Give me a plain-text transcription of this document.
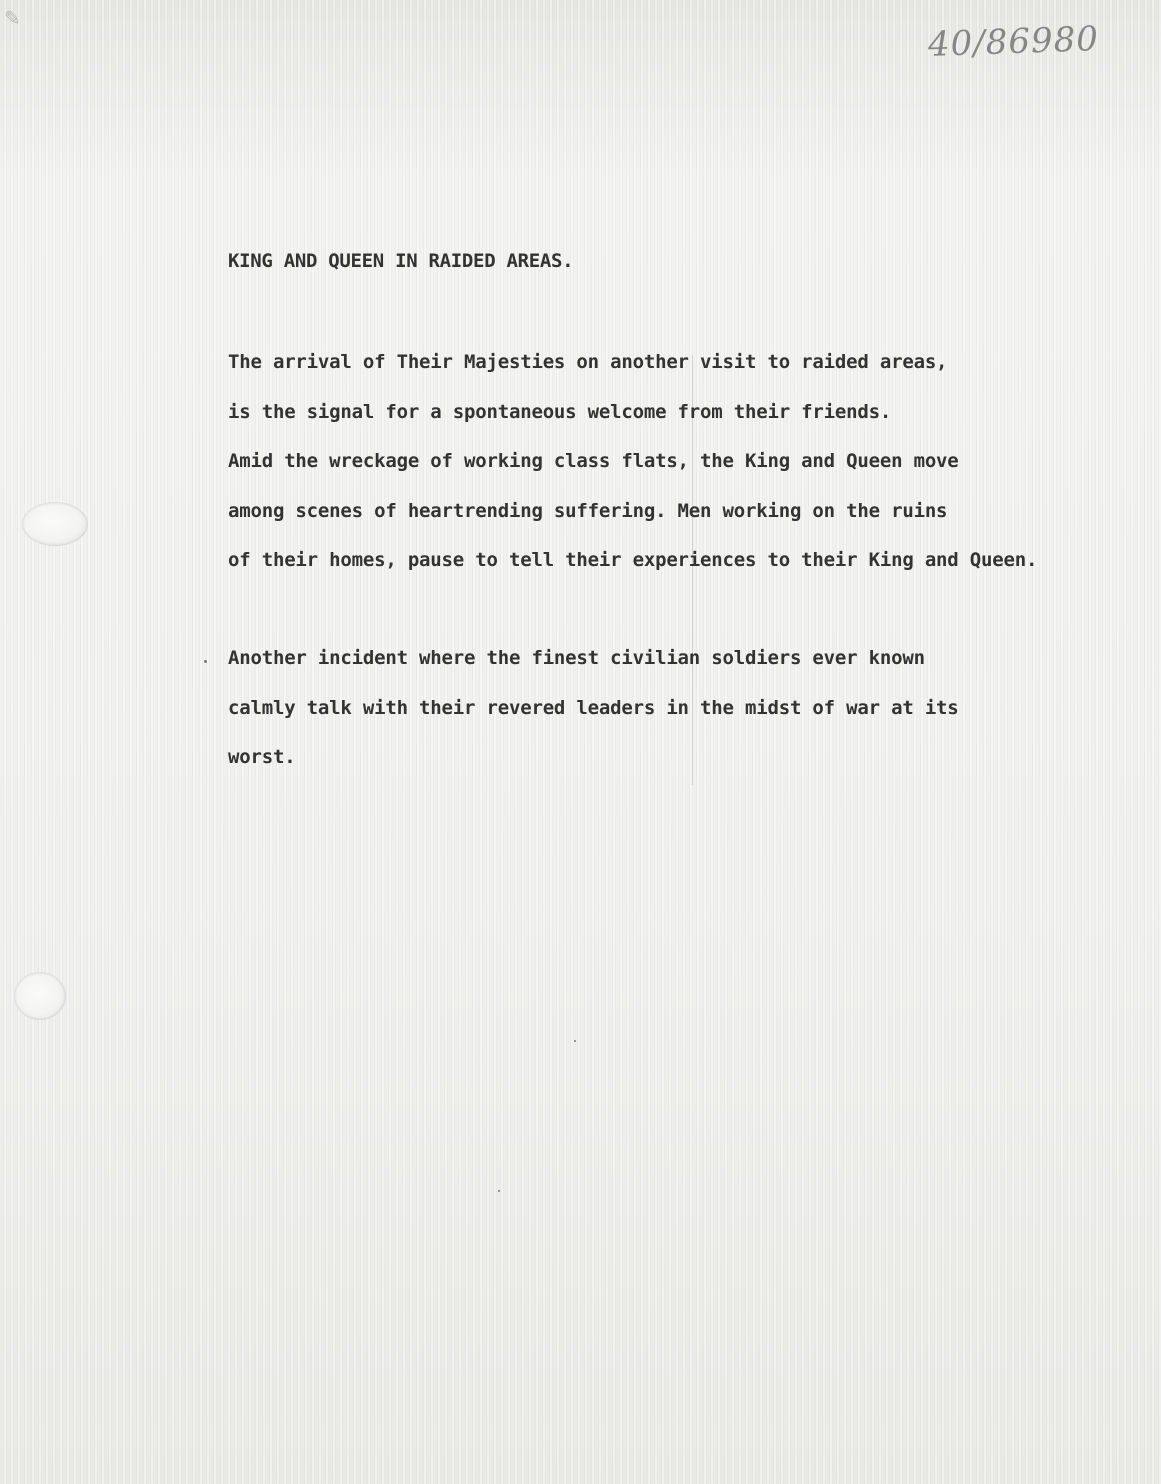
✎
40/86980
KING AND QUEEN IN RAIDED AREAS.
The arrival of Their Majesties on another visit to raided areas,
is the signal for a spontaneous welcome from their friends.
Amid the wreckage of working class flats, the King and Queen move
among scenes of heartrending suffering. Men working on the ruins
of their homes, pause to tell their experiences to their King and Queen.
Another incident where the finest civilian soldiers ever known
calmly talk with their revered leaders in the midst of war at its
worst.
